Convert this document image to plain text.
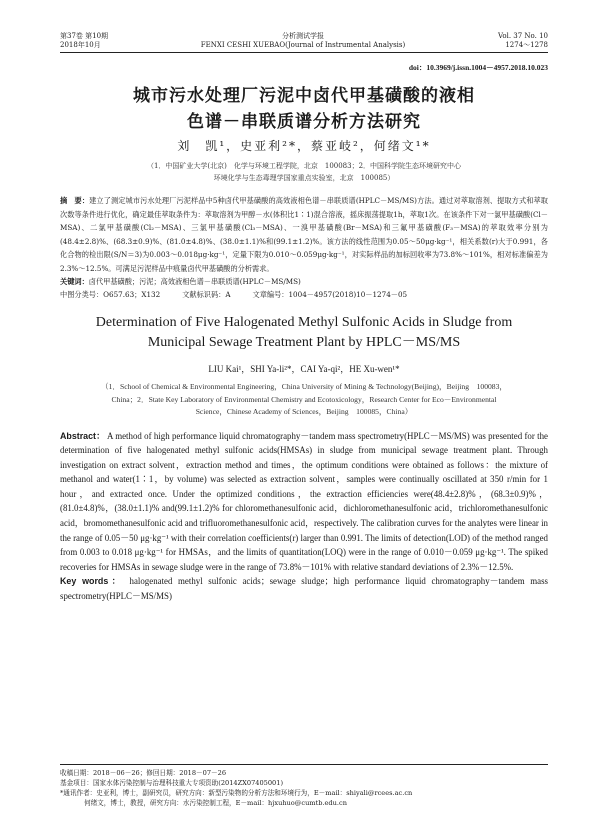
第37卷 第10期
2018年10月
分析测试学报
FENXI CESHI XUEBAO(Journal of Instrumental Analysis)
Vol. 37 No. 10
1274～1278
doi：10.3969/j.issn.1004－4957.2018.10.023
城市污水处理厂污泥中卤代甲基磺酸的液相
色谱－串联质谱分析方法研究
刘　凯¹，史亚利²*，蔡亚岐²，何绪文¹*
（1．中国矿业大学(北京)　化学与环境工程学院，北京　100083；2．中国科学院生态环境研究中心
环境化学与生态毒理学国家重点实验室，北京　100085）
摘　要：建立了测定城市污水处理厂污泥样品中5种卤代甲基磺酸的高效液相色谱－串联质谱(HPLC－MS/MS)方法。通过对萃取溶剂、提取方式和萃取次数等条件进行优化，确定最佳萃取条件为：萃取溶剂为甲醇－水(体积比1∶1)混合溶液，摇床振荡提取1h，萃取1次。在该条件下对一氯甲基磺酸(Cl－MSA)、二氯甲基磺酸(Cl₂－MSA)、三氯甲基磺酸(Cl₃－MSA)、一溴甲基磺酸(Br－MSA)和三氟甲基磺酸(F₃－MSA)的萃取效率分别为(48.4±2.8)%、(68.3±0.9)%、(81.0±4.8)%、(38.0±1.1)%和(99.1±1.2)%。该方法的线性范围为0.05～50μg·kg⁻¹，相关系数(r)大于0.991，各化合物的检出限(S/N＝3)为0.003～0.018μg·kg⁻¹，定量下限为0.010～0.059μg·kg⁻¹，对实际样品的加标回收率为73.8%～101%，相对标准偏差为2.3%～12.5%。可满足污泥样品中痕量卤代甲基磺酸的分析需求。
关键词：卤代甲基磺酸；污泥；高效液相色谱－串联质谱(HPLC－MS/MS)
中图分类号：O657.63；X132	文献标识码：A	文章编号：1004－4957(2018)10－1274－05
Determination of Five Halogenated Methyl Sulfonic Acids in Sludge from
Municipal Sewage Treatment Plant by HPLC－MS/MS
LIU Kai¹，SHI Ya-li²*，CAI Ya-qi²，HE Xu-wen¹*
（1．School of Chemical & Environmental Engineering，China University of Mining & Technology(Beijing)，Beijing　100083，
China；2．State Key Laboratory of Environmental Chemistry and Ecotoxicology，Research Center for Eco－Environmental
Science，Chinese Academy of Sciences，Beijing　100085，China）
Abstract： A method of high performance liquid chromatography－tandem mass spectrometry(HPLC－MS/MS) was presented for the determination of five halogenated methyl sulfonic acids(HMSAs) in sludge from municipal sewage treatment plant. Through investigation on extract solvent，extraction method and times，the optimum conditions were obtained as follows：the mixture of methanol and water(1∶1，by volume) was selected as extraction solvent，samples were continually oscillated at 350 r/min for 1 hour，and extracted once. Under the optimized conditions，the extraction efficiencies were(48.4±2.8)%，(68.3±0.9)%，(81.0±4.8)%，(38.0±1.1)% and(99.1±1.2)% for chloromethanesulfonic acid，dichloromethanesulfonic acid，trichloromethanesulfonic acid，bromomethanesulfonic acid and trifluoromethanesulfonic acid，respectively. The calibration curves for the analytes were linear in the range of 0.05－50 μg·kg⁻¹ with their correlation coefficients(r) larger than 0.991. The limits of detection(LOD) of the method ranged from 0.003 to 0.018 μg·kg⁻¹ for HMSAs，and the limits of quantitation(LOQ) were in the range of 0.010－0.059 μg·kg⁻¹. The spiked recoveries for HMSAs in sewage sludge were in the range of 73.8%－101% with relative standard deviations of 2.3%－12.5%.
Key words： halogenated methyl sulfonic acids；sewage sludge；high performance liquid chromatography－tandem mass spectrometry(HPLC－MS/MS)
收稿日期：2018－06－26；修回日期：2018－07－26
基金项目：国家水体污染控制与治理科技重大专项资助(2014ZX07405001)
*通讯作者：史亚利，博士，副研究员，研究方向：新型污染物的分析方法和环境行为，E－mail：shiyali@rcees.ac.cn
何绪文，博士，教授，研究方向：水污染控制工程，E－mail：hjxuhuo@cumtb.edu.cn
